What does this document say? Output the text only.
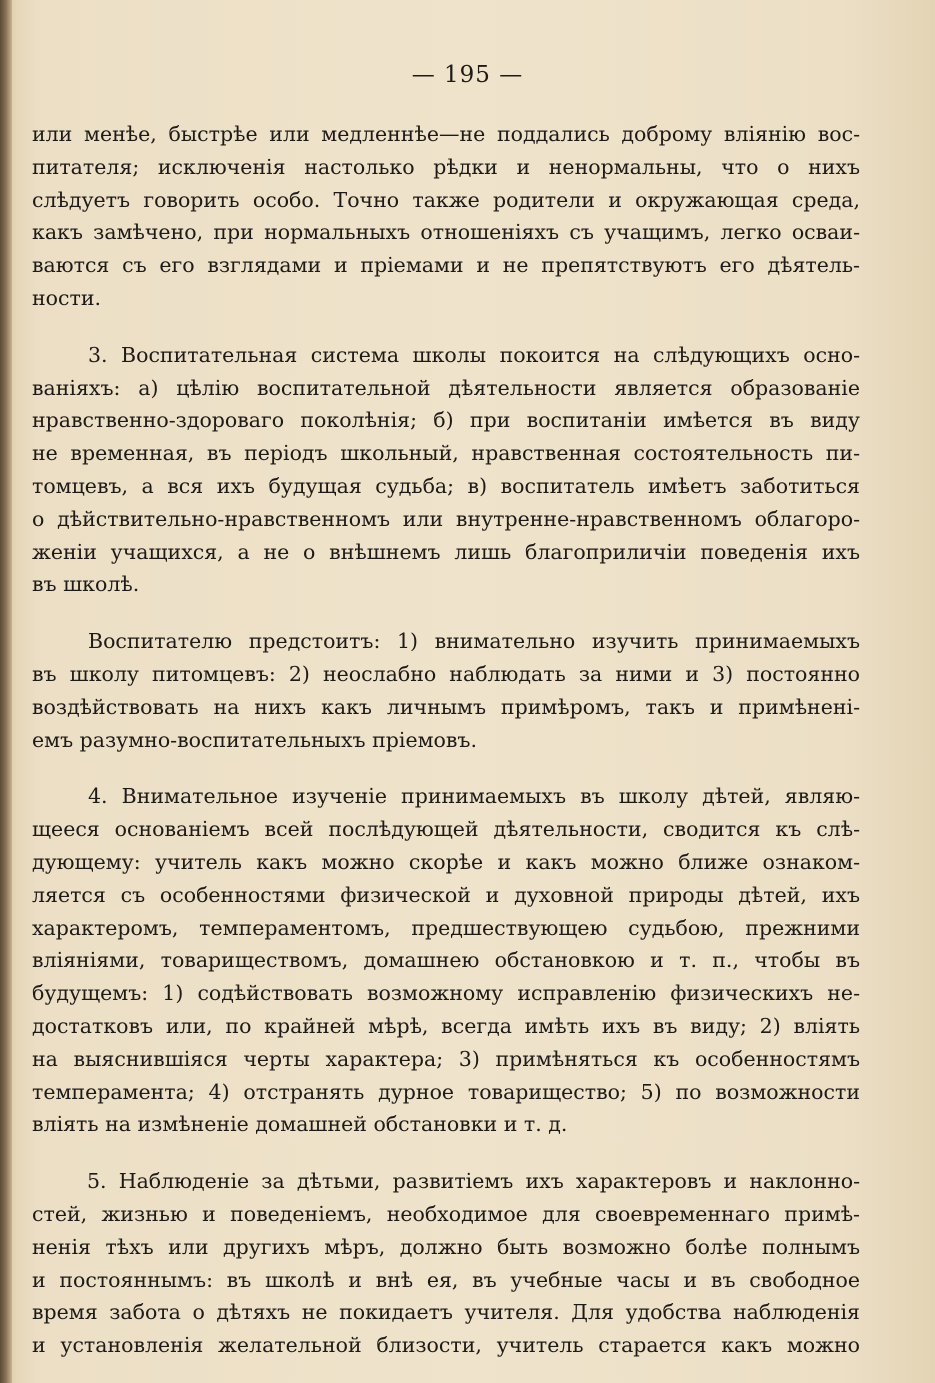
— 195 —
или менѣе, быстрѣе или медленнѣе—не поддались доброму вліянію вос-
питателя; исключенія настолько рѣдки и ненормальны, что о нихъ
слѣдуетъ говорить особо. Точно также родители и окружающая среда,
какъ замѣчено, при нормальныхъ отношеніяхъ съ учащимъ, легко осваи-
ваются съ его взглядами и пріемами и не препятствуютъ его дѣятель-
ности.
3. Воспитательная система школы покоится на слѣдующихъ осно-
ваніяхъ: а) цѣлію воспитательной дѣятельности является образованіе
нравственно-здороваго поколѣнія; б) при воспитаніи имѣется въ виду
не временная, въ періодъ школьный, нравственная состоятельность пи-
томцевъ, а вся ихъ будущая судьба; в) воспитатель имѣетъ заботиться
о дѣйствительно-нравственномъ или внутренне-нравственномъ облагоро-
женіи учащихся, а не о внѣшнемъ лишь благоприличіи поведенія ихъ
въ школѣ.
Воспитателю предстоитъ: 1) внимательно изучить принимаемыхъ
въ школу питомцевъ: 2) неослабно наблюдать за ними и 3) постоянно
воздѣйствовать на нихъ какъ личнымъ примѣромъ, такъ и примѣнені-
емъ разумно-воспитательныхъ пріемовъ.
4. Внимательное изученіе принимаемыхъ въ школу дѣтей, являю-
щееся основаніемъ всей послѣдующей дѣятельности, сводится къ слѣ-
дующему: учитель какъ можно скорѣе и какъ можно ближе ознаком-
ляется съ особенностями физической и духовной природы дѣтей, ихъ
характеромъ, темпераментомъ, предшествующею судьбою, прежними
вліяніями, товариществомъ, домашнею обстановкою и т. п., чтобы въ
будущемъ: 1) содѣйствовать возможному исправленію физическихъ не-
достатковъ или, по крайней мѣрѣ, всегда имѣть ихъ въ виду; 2) вліять
на выяснившіяся черты характера; 3) примѣняться къ особенностямъ
темперамента; 4) отстранять дурное товарищество; 5) по возможности
вліять на измѣненіе домашней обстановки и т. д.
5. Наблюденіе за дѣтьми, развитіемъ ихъ характеровъ и наклонно-
стей, жизнью и поведеніемъ, необходимое для своевременнаго примѣ-
ненія тѣхъ или другихъ мѣръ, должно быть возможно болѣе полнымъ
и постояннымъ: въ школѣ и внѣ ея, въ учебные часы и въ свободное
время забота о дѣтяхъ не покидаетъ учителя. Для удобства наблюденія
и установленія желательной близости, учитель старается какъ можно
